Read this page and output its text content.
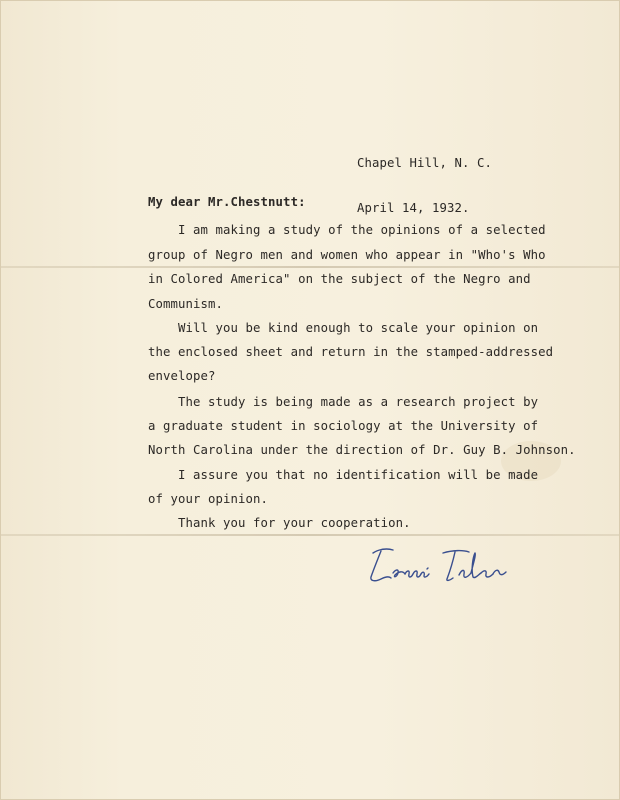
Chapel Hill, N. C.

April 14, 1932.

My dear Mr.Chestnutt:
I am making a study of the opinions of a selected
group of Negro men and women who appear in "Who's Who
in Colored America" on the subject of the Negro and
Communism.
Will you be kind enough to scale your opinion on
the enclosed sheet and return in the stamped-addressed
envelope?
The study is being made as a research project by
a graduate student in sociology at the University of
North Carolina under the direction of Dr. Guy B. Johnson.
I assure you that no identification will be made
of your opinion.
Thank you for your cooperation.
